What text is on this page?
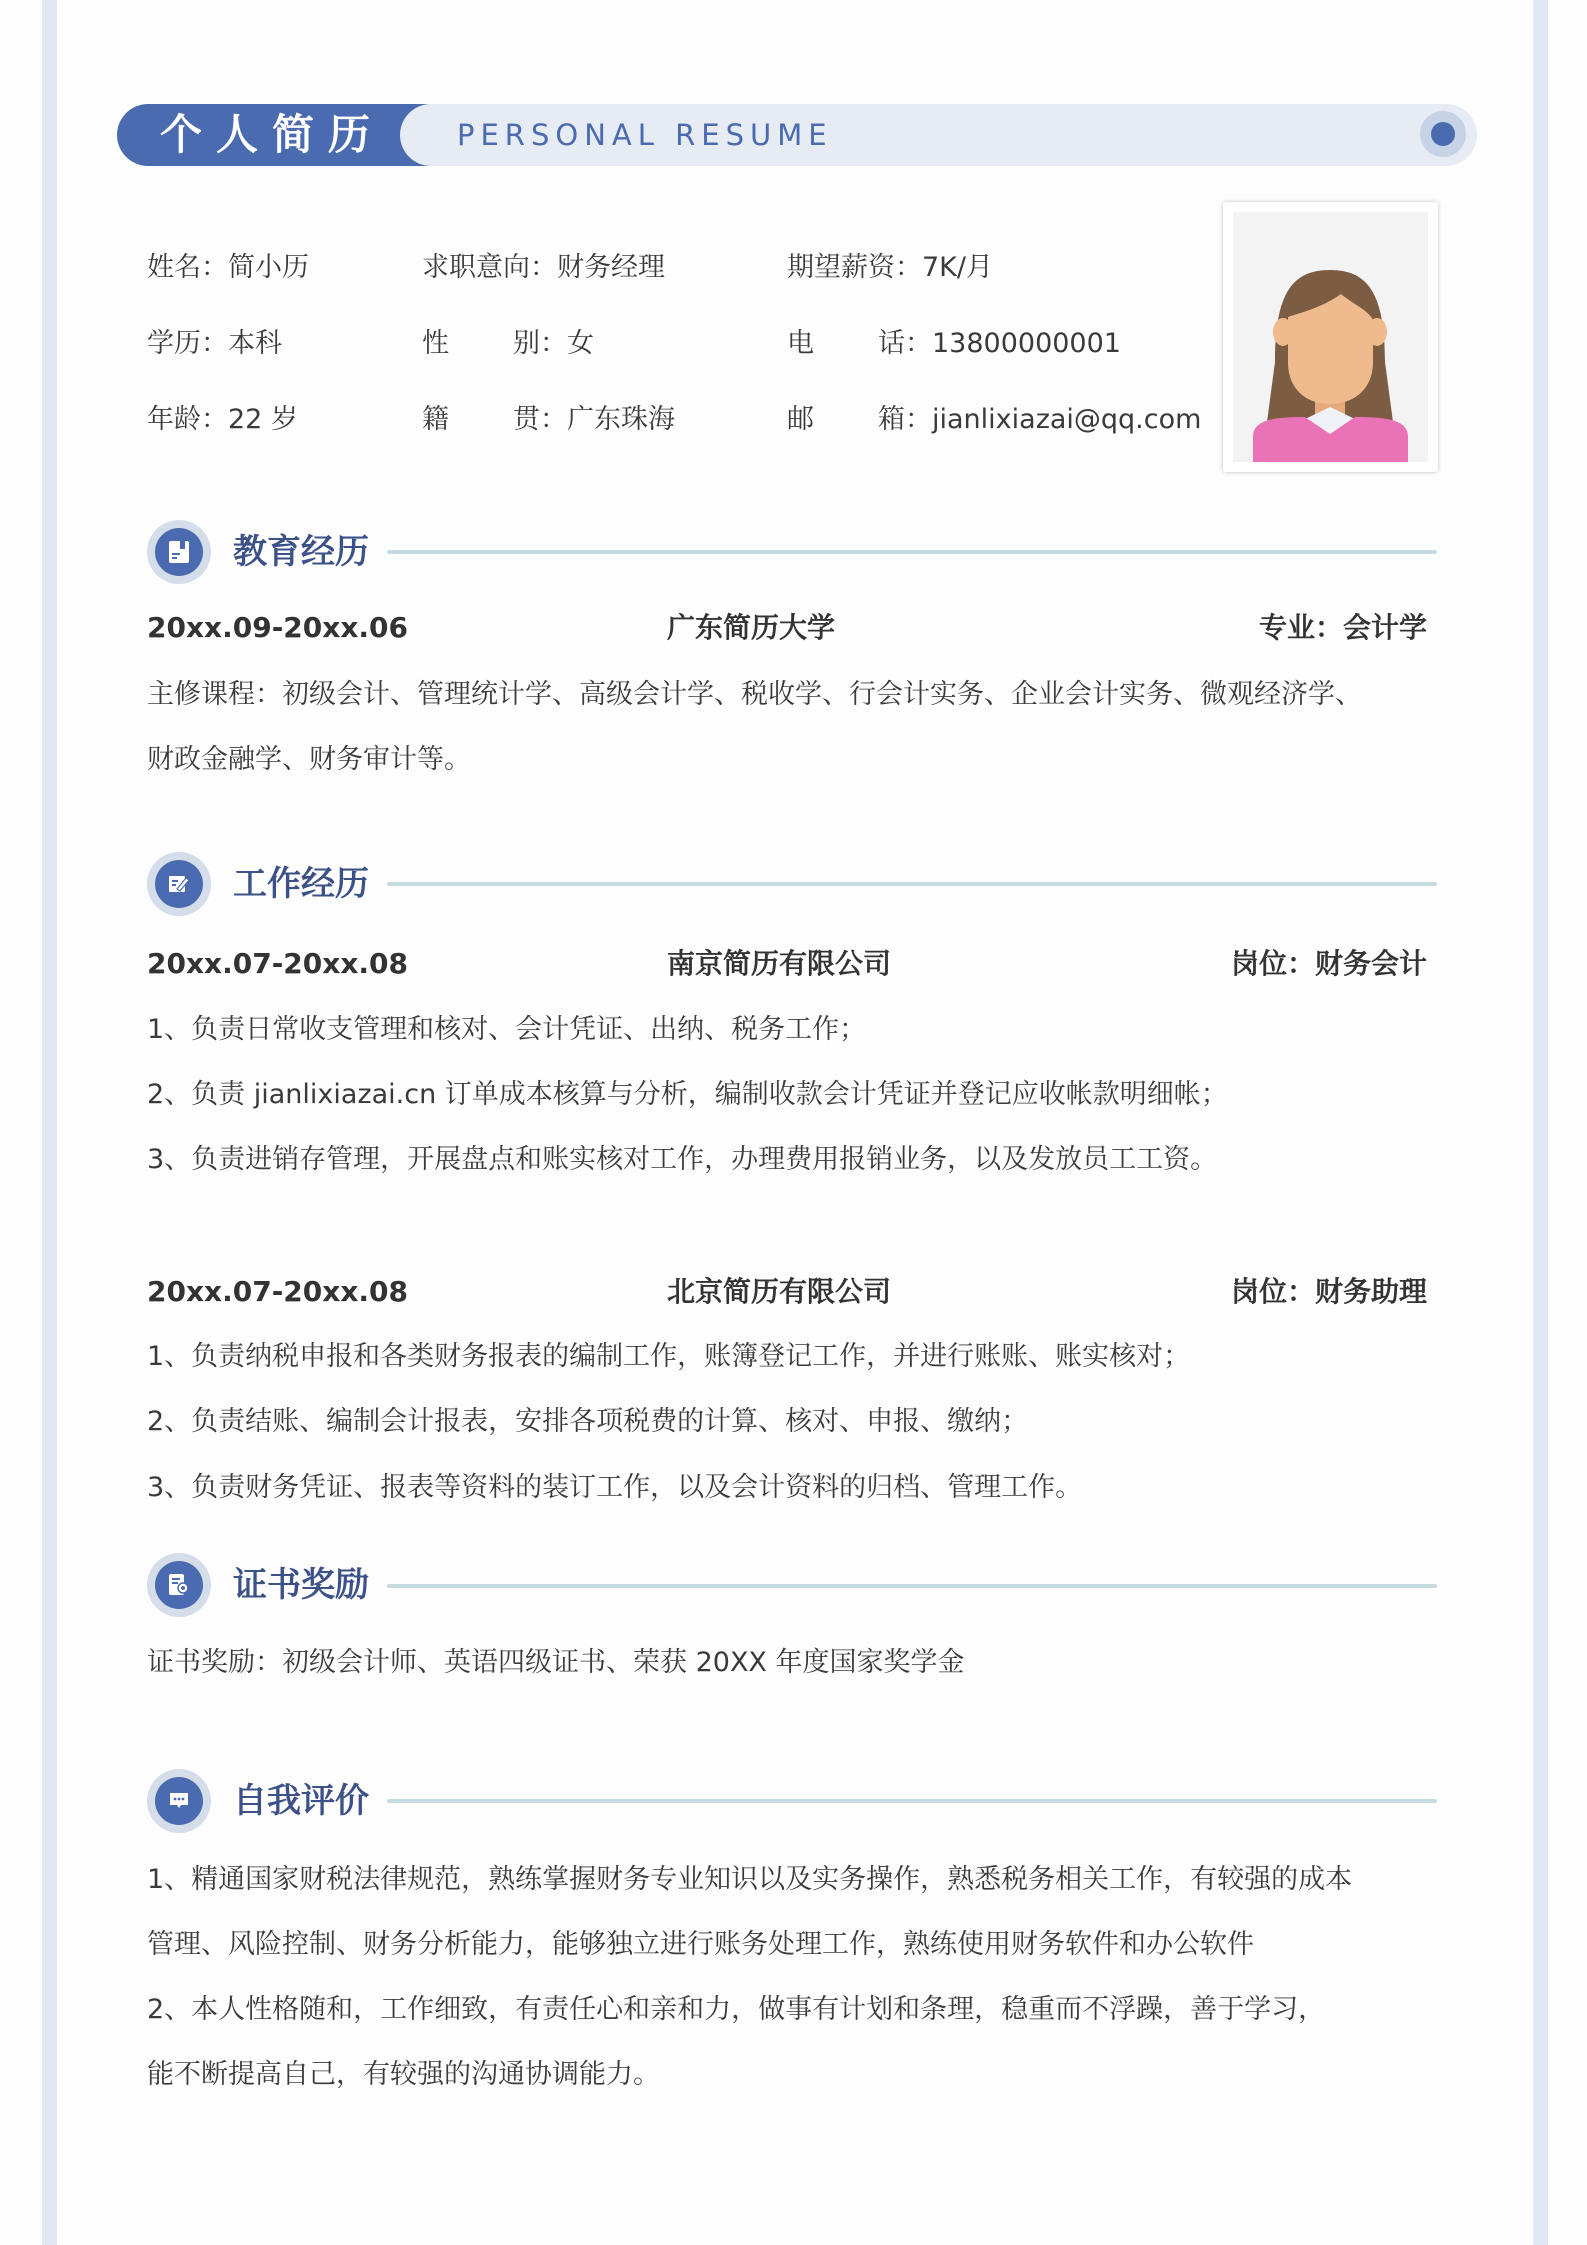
个人简历	PERSONAL RESUME
姓名：简小历	求职意向：财务经理	期望薪资：7K/月
学历：本科	性 别 ：女	电 话 ：13800000001
年龄：22 岁	籍 贯 ：广东珠海	邮 箱 ：jianlixiazai@qq.com
教育经历
20xx.09-20xx.06	广东简历大学	专业：会计学
主修课程：初级会计、管理统计学、高级会计学、税收学、行会计实务、企业会计实务、微观经济学、
财政金融学、财务审计等。
工作经历
20xx.07-20xx.08	南京简历有限公司	岗位：财务会计
1、负责日常收支管理和核对、会计凭证、出纳、税务工作；
2、负责 jianlixiazai.cn 订单成本核算与分析，编制收款会计凭证并登记应收帐款明细帐；
3、负责进销存管理，开展盘点和账实核对工作，办理费用报销业务，以及发放员工工资。
20xx.07-20xx.08	北京简历有限公司	岗位：财务助理
1、负责纳税申报和各类财务报表的编制工作，账簿登记工作，并进行账账、账实核对；
2、负责结账、编制会计报表，安排各项税费的计算、核对、申报、缴纳；
3、负责财务凭证、报表等资料的装订工作，以及会计资料的归档、管理工作。
证书奖励
证书奖励：初级会计师、英语四级证书、荣获 20XX 年度国家奖学金
自我评价
1、精通国家财税法律规范，熟练掌握财务专业知识以及实务操作，熟悉税务相关工作，有较强的成本
管理、风险控制、财务分析能力，能够独立进行账务处理工作，熟练使用财务软件和办公软件
2、本人性格随和，工作细致，有责任心和亲和力，做事有计划和条理，稳重而不浮躁，善于学习，
能不断提高自己，有较强的沟通协调能力。
